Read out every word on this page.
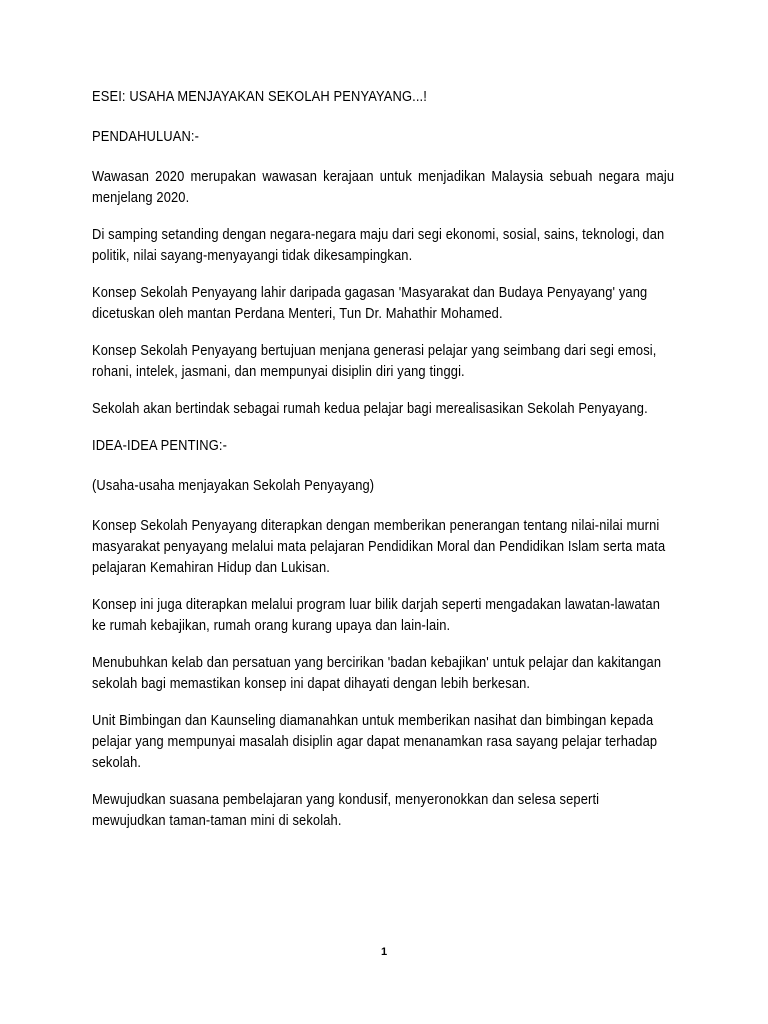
ESEI: USAHA MENJAYAKAN SEKOLAH PENYAYANG...!

PENDAHULUAN:-

Wawasan 2020 merupakan wawasan kerajaan untuk menjadikan Malaysia sebuah negara maju menjelang 2020.

Di samping setanding dengan negara-negara maju dari segi ekonomi, sosial, sains, teknologi, dan politik, nilai sayang-menyayangi tidak dikesampingkan.

Konsep Sekolah Penyayang lahir daripada gagasan 'Masyarakat dan Budaya Penyayang' yang dicetuskan oleh mantan Perdana Menteri, Tun Dr. Mahathir Mohamed.

Konsep Sekolah Penyayang bertujuan menjana generasi pelajar yang seimbang dari segi emosi, rohani, intelek, jasmani, dan mempunyai disiplin diri yang tinggi.

Sekolah akan bertindak sebagai rumah kedua pelajar bagi merealisasikan Sekolah Penyayang.

IDEA-IDEA PENTING:-

(Usaha-usaha menjayakan Sekolah Penyayang)

Konsep Sekolah Penyayang diterapkan dengan memberikan penerangan tentang nilai-nilai murni masyarakat penyayang melalui mata pelajaran Pendidikan Moral dan Pendidikan Islam serta mata pelajaran Kemahiran Hidup dan Lukisan.

Konsep ini juga diterapkan melalui program luar bilik darjah seperti mengadakan lawatan-lawatan ke rumah kebajikan, rumah orang kurang upaya dan lain-lain.

Menubuhkan kelab dan persatuan yang bercirikan 'badan kebajikan' untuk pelajar dan kakitangan sekolah bagi memastikan konsep ini dapat dihayati dengan lebih berkesan.

Unit Bimbingan dan Kaunseling diamanahkan untuk memberikan nasihat dan bimbingan kepada pelajar yang mempunyai masalah disiplin agar dapat menanamkan rasa sayang pelajar terhadap sekolah.

Mewujudkan suasana pembelajaran yang kondusif, menyeronokkan dan selesa seperti mewujudkan taman-taman mini di sekolah.

1
